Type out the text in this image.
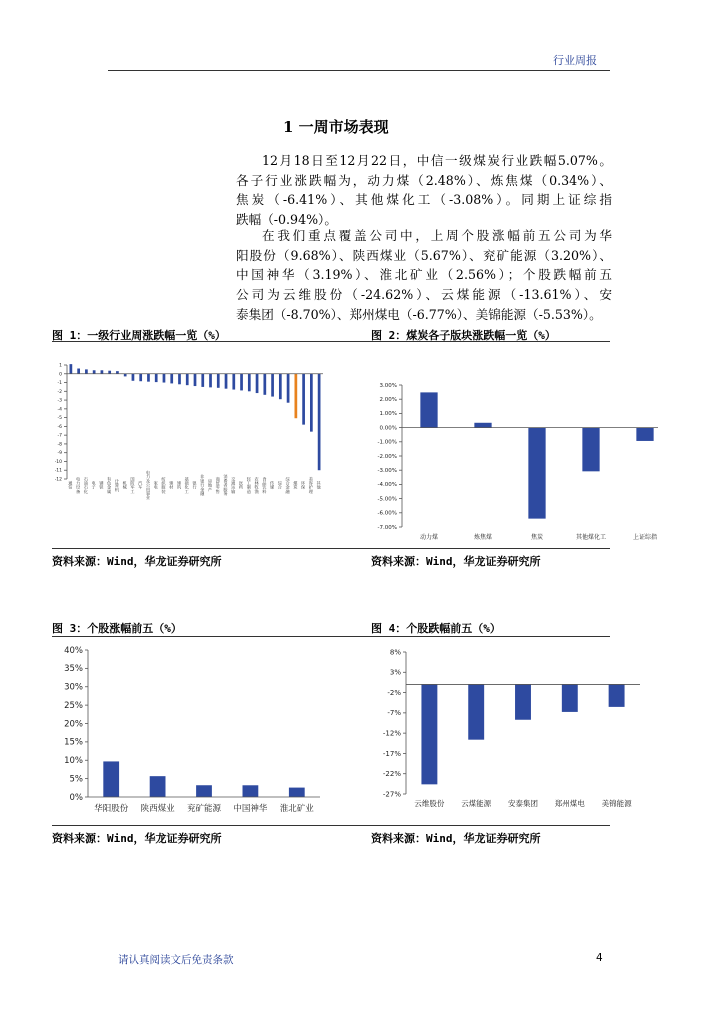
行业周报
1 一周市场表现

12月18日至12月22日，中信一级煤炭行业跌幅5.07%。

各子行业涨跌幅为，动力煤（2.48%）、炼焦煤（0.34%）、

焦炭（-6.41%）、其他煤化工（-3.08%）。同期上证综指

跌幅（-0.94%）。

在我们重点覆盖公司中，上周个股涨幅前五公司为华

阳股份（9.68%）、陕西煤业（5.67%）、兖矿能源（3.20%）、

中国神华（3.19%）、淮北矿业（2.56%）；个股跌幅前五

公司为云维股份（-24.62%）、云煤能源（-13.61%）、安

泰集团（-8.70%）、郑州煤电（-6.77%）、美锦能源（-5.53%）。

图 1：一级行业周涨跌幅一览（%）	图 2：煤炭各子版块涨跌幅一览（%）
1
0
-1
-2
-3
-4
-5
-6
-7
-8
-9
-10
-11
-12
通信 电力设备 石油石化 电子 钢铁 有色金属 计算机 机械 国防军工 汽车 电力及公用事业 家电 纺织服装 建材 建筑 基础化工 银行 非银行金融 房地产 商贸零售 消费者服务 交通运输 医药 轻工制造 农林牧渔 食品饮料 传媒 综合 综合金融 煤炭 环保 美容护理 其他
3.00%
2.00%
1.00%
0.00%
-1.00%
-2.00%
-3.00%
-4.00%
-5.00%
-6.00%
-7.00%
动力煤	炼焦煤	焦炭	其他煤化工	上证综指
资料来源：Wind，华龙证券研究所	资料来源：Wind，华龙证券研究所
图 3：个股涨幅前五（%）	图 4：个股跌幅前五（%）
40%
35%
30%
25%
20%
15%
10%
5%
0%
华阳股份 陕西煤业 兖矿能源 中国神华 淮北矿业
8%
3%
-2%
-7%
-12%
-17%
-22%
-27%
云维股份 云煤能源 安泰集团 郑州煤电 美锦能源
资料来源：Wind，华龙证券研究所	资料来源：Wind，华龙证券研究所
请认真阅读文后免责条款	4
